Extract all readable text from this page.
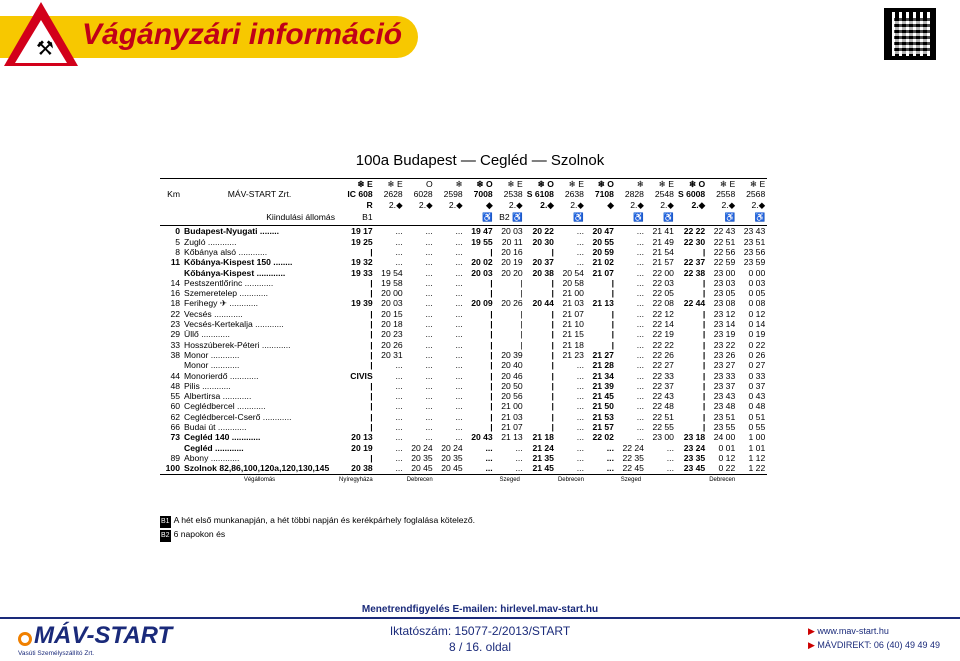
⚒ Vágányzári információ
100a Budapest — Cegléd — Szolnok
		❄ E	❄ E	O	❄	❄ O	❄ E	❄ O	❄ E	❄ O	❄	❄ E	❄ O	❄ E	❄ E
Km	MÁV-START Zrt.	IC 608	2628	6028	2598	7008	2538	S 6108	2638	7108	2828	2548	S 6008	2558	2568
		R	2.◆	2.◆	2.◆	◆	2.◆	2.◆	2.◆	◆	2.◆	2.◆	2.◆	2.◆	2.◆
	Kiindulási állomás	B1				♿	B2 ♿		♿		♿	♿		♿	♿
0	Budapest-Nyugati ........	19 17	...	...	...	19 47	20 03	20 22	...	20 47	...	21 41	22 22	22 43	23 43
5	Zugló ............	19 25	...	...	...	19 55	20 11	20 30	...	20 55	...	21 49	22 30	22 51	23 51
8	Kőbánya alsó ............	|	...	...	...	|	20 16	|	...	20 59	...	21 54	|	22 56	23 56
11	Kőbánya-Kispest 150 ........	19 32	...	...	...	20 02	20 19	20 37	...	21 02	...	21 57	22 37	22 59	23 59
	Kőbánya-Kispest ............	19 33	19 54	...	...	20 03	20 20	20 38	20 54	21 07	...	22 00	22 38	23 00	0 00
14	Pestszentlőrinc ............	|	19 58	...	...	|	|	|	20 58	|	...	22 03	|	23 03	0 03
16	Szemeretelep ............	|	20 00	...	...	|	|	|	21 00	|	...	22 05	|	23 05	0 05
18	Ferihegy ✈ ............	19 39	20 03	...	...	20 09	20 26	20 44	21 03	21 13	...	22 08	22 44	23 08	0 08
22	Vecsés ............	|	20 15	...	...	|	|	|	21 07	|	...	22 12	|	23 12	0 12
23	Vecsés-Kertekalja ............	|	20 18	...	...	|	|	|	21 10	|	...	22 14	|	23 14	0 14
29	Üllő ............	|	20 23	...	...	|	|	|	21 15	|	...	22 19	|	23 19	0 19
33	Hosszúberek-Péteri ............	|	20 26	...	...	|	|	|	21 18	|	...	22 22	|	23 22	0 22
38	Monor ............	|	20 31	...	...	|	20 39	|	21 23	21 27	...	22 26	|	23 26	0 26
	Monor ............	|	...	...	...	|	20 40	|	...	21 28	...	22 27	|	23 27	0 27
44	Monorierdő ............	CIVIS	...	...	...	|	20 46	|	...	21 34	...	22 33	|	23 33	0 33
48	Pilis ............	|	...	...	...	|	20 50	|	...	21 39	...	22 37	|	23 37	0 37
55	Albertirsa ............	|	...	...	...	|	20 56	|	...	21 45	...	22 43	|	23 43	0 43
60	Ceglédbercel ............	|	...	...	...	|	21 00	|	...	21 50	...	22 48	|	23 48	0 48
62	Ceglédbercel-Cserő ............	|	...	...	...	|	21 03	|	...	21 53	...	22 51	|	23 51	0 51
66	Budai út ............	|	...	...	...	|	21 07	|	...	21 57	...	22 55	|	23 55	0 55
73	Cegléd 140 ............	20 13	...	...	...	20 43	21 13	21 18	...	22 02	...	23 00	23 18	24 00	1 00
	Cegléd ............	20 19	...	20 24	20 24	...	...	21 24	...	...	22 24	...	23 24	0 01	1 01
89	Abony ............	|	...	20 35	20 35	...	...	21 35	...	...	22 35	...	23 35	0 12	1 12
100	Szolnok 82,86,100,120a,120,130,145	20 38	...	20 45	20 45	...	...	21 45	...	...	22 45	...	23 45	0 22	1 22
	Végállomás	Nyíregyháza		Debrecen			Szeged		Debrecen		Szeged			Debrecen	
B1 A hét első munkanapján, a hét többi napján és kerékpárhely foglalása kötelező.
B2 6 napokon és
Menetrendfigyelés E-mailen: hirlevel.mav-start.hu
Iktatószám: 15077-2/2013/START
8 / 16. oldal
MÁV-START
Vasúti Személyszállító Zrt.
▶ www.mav-start.hu
▶ MÁVDIREKT: 06 (40) 49 49 49
